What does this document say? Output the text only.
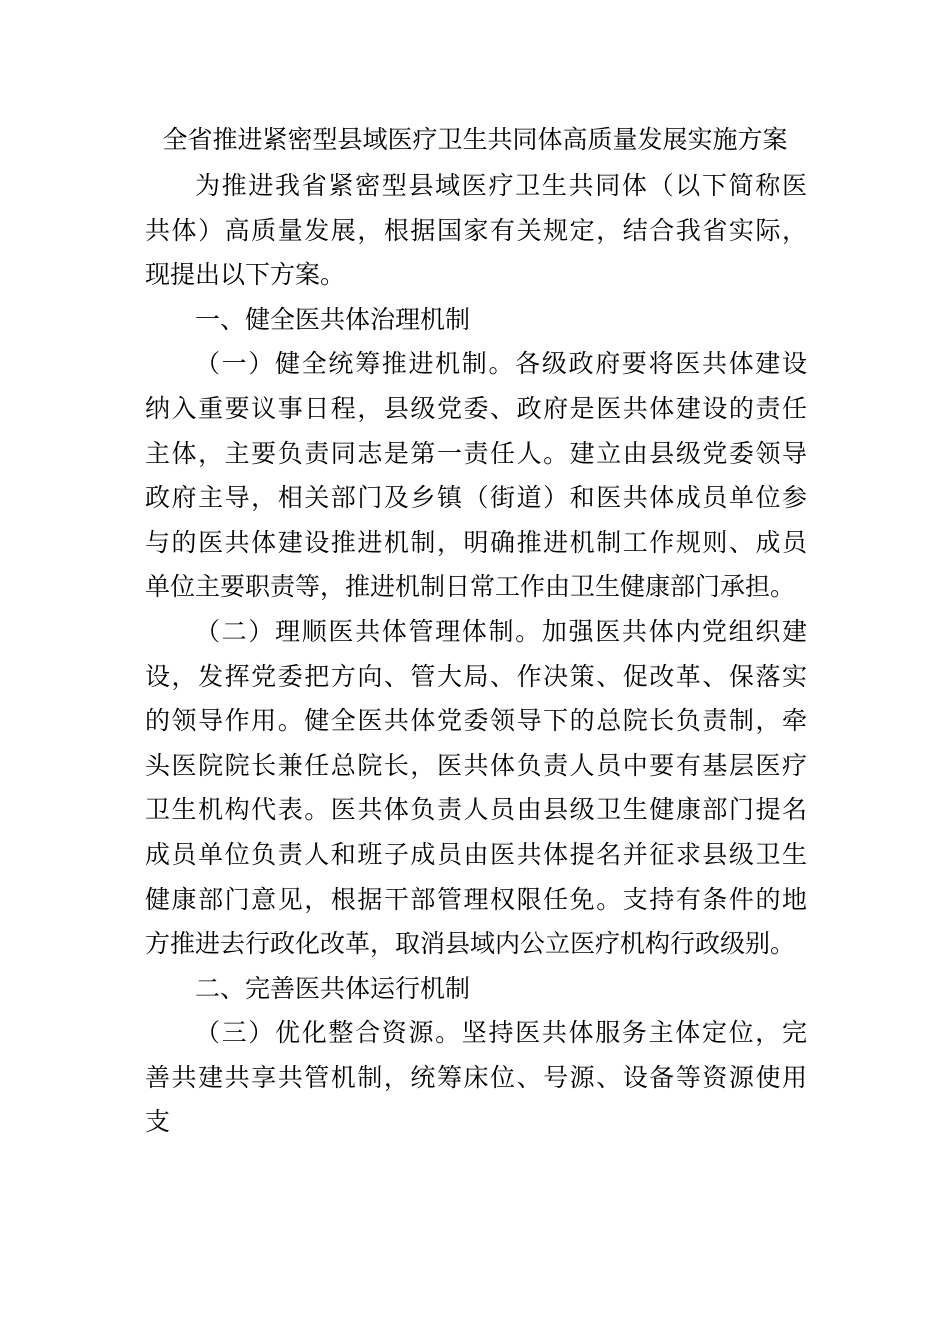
全省推进紧密型县域医疗卫生共同体高质量发展实施方案
为推进我省紧密型县域医疗卫生共同体（以下简称医
共体）高质量发展，根据国家有关规定，结合我省实际，
现提出以下方案。
一、健全医共体治理机制
（一）健全统筹推进机制。各级政府要将医共体建设
纳入重要议事日程，县级党委、政府是医共体建设的责任
主体，主要负责同志是第一责任人。建立由县级党委领导
政府主导，相关部门及乡镇（街道）和医共体成员单位参
与的医共体建设推进机制，明确推进机制工作规则、成员
单位主要职责等，推进机制日常工作由卫生健康部门承担。
（二）理顺医共体管理体制。加强医共体内党组织建
设，发挥党委把方向、管大局、作决策、促改革、保落实
的领导作用。健全医共体党委领导下的总院长负责制，牵
头医院院长兼任总院长，医共体负责人员中要有基层医疗
卫生机构代表。医共体负责人员由县级卫生健康部门提名
成员单位负责人和班子成员由医共体提名并征求县级卫生
健康部门意见，根据干部管理权限任免。支持有条件的地
方推进去行政化改革，取消县域内公立医疗机构行政级别。
二、完善医共体运行机制
（三）优化整合资源。坚持医共体服务主体定位，完
善共建共享共管机制，统筹床位、号源、设备等资源使用
支
